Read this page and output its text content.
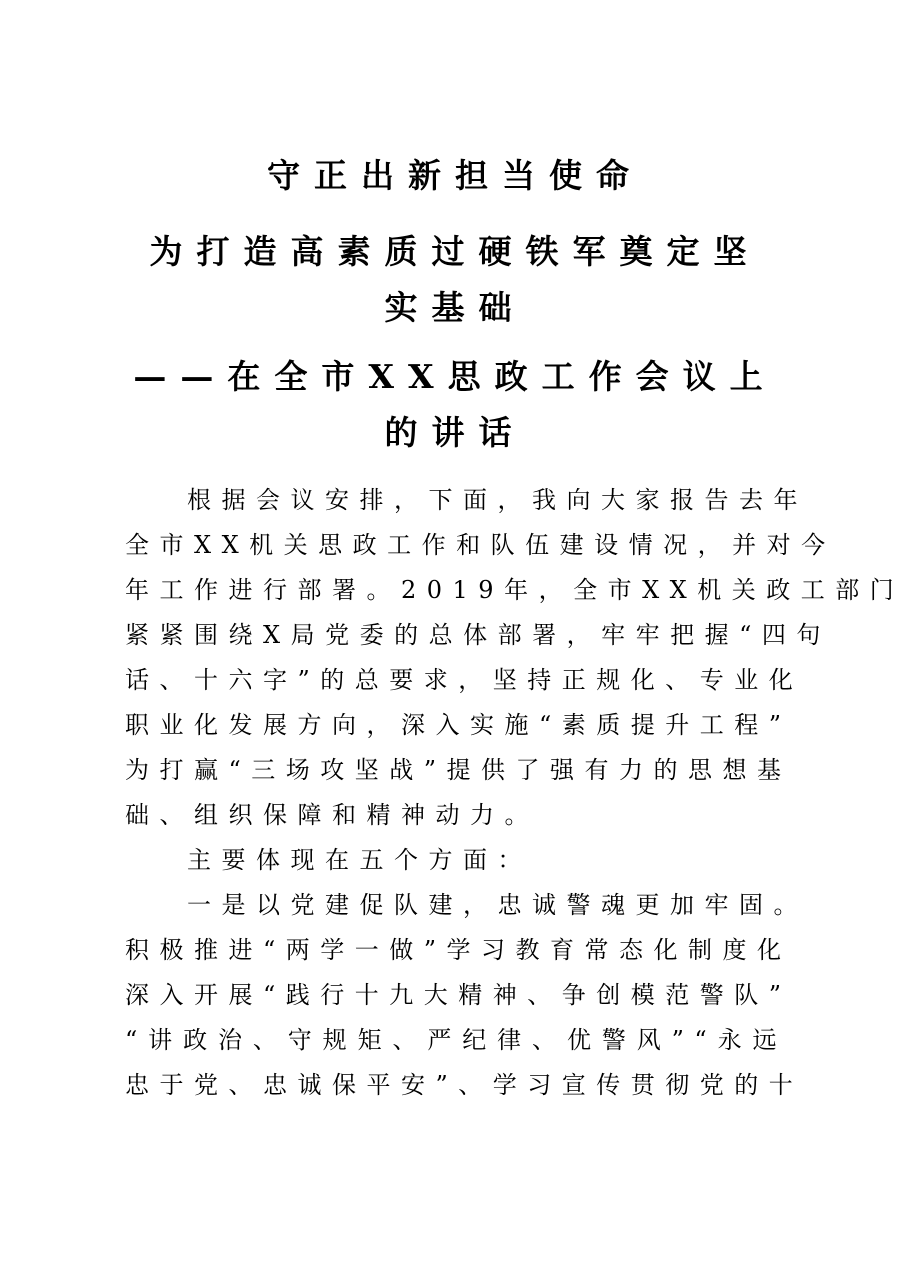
守正出新担当使命
为打造高素质过硬铁军奠定坚
实基础
——在全市XX思政工作会议上
的讲话
根据会议安排，下面，我向大家报告去年
全市XX机关思政工作和队伍建设情况，并对今
年工作进行部署。2019年，全市XX机关政工部门
紧紧围绕X局党委的总体部署，牢牢把握“四句
话、十六字”的总要求，坚持正规化、专业化
职业化发展方向，深入实施“素质提升工程”
为打赢“三场攻坚战”提供了强有力的思想基
础、组织保障和精神动力。
主要体现在五个方面：
一是以党建促队建，忠诚警魂更加牢固。
积极推进“两学一做”学习教育常态化制度化
深入开展“践行十九大精神、争创模范警队”
“讲政治、守规矩、严纪律、优警风”“永远
忠于党、忠诚保平安”、学习宣传贯彻党的十
